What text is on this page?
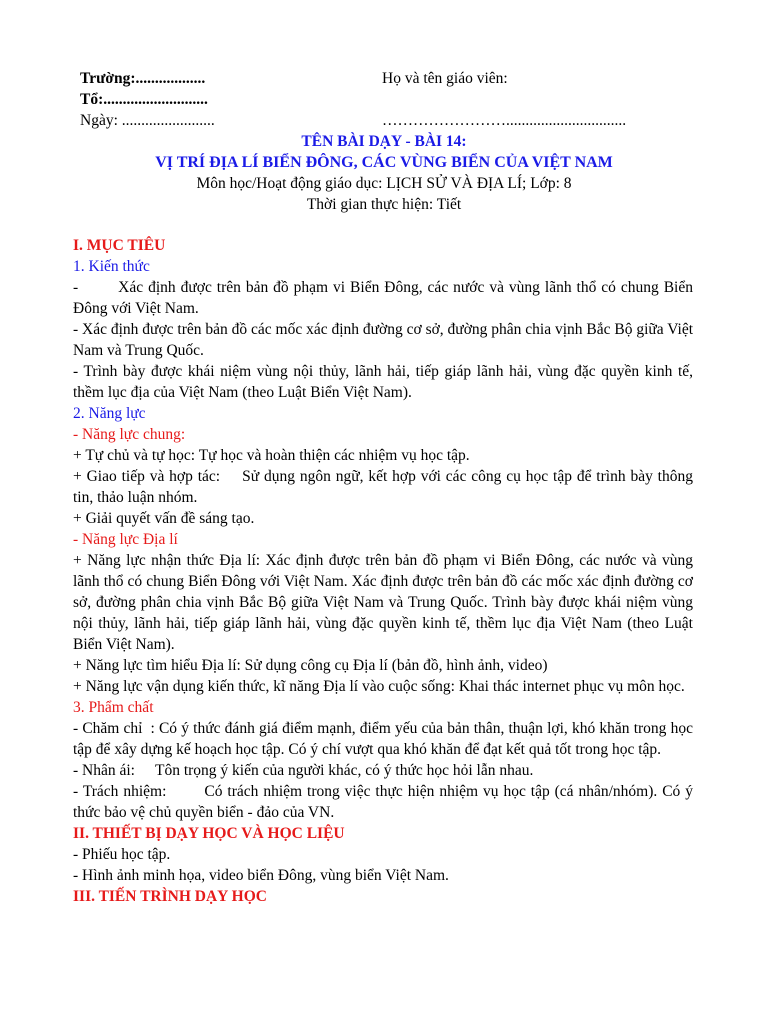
Trường:..................
Tổ:...........................
Ngày: ........................
Họ và tên giáo viên:

……………………...............................
TÊN BÀI DẠY - BÀI 14:
VỊ TRÍ ĐỊA LÍ BIỂN ĐÔNG, CÁC VÙNG BIỂN CỦA VIỆT NAM
Môn học/Hoạt động giáo dục: LỊCH SỬ VÀ ĐỊA LÍ; Lớp: 8
Thời gian thực hiện: Tiết

I. MỤC TIÊU

1. Kiến thức

-	Xác định được trên bản đồ phạm vi Biển Đông, các nước và vùng lãnh thổ có chung Biển Đông với Việt Nam.

- Xác định được trên bản đồ các mốc xác định đường cơ sở, đường phân chia vịnh Bắc Bộ giữa Việt Nam và Trung Quốc.

- Trình bày được khái niệm vùng nội thủy, lãnh hải, tiếp giáp lãnh hải, vùng đặc quyền kinh tế, thềm lục địa của Việt Nam (theo Luật Biển Việt Nam).

2. Năng lực

- Năng lực chung:

+ Tự chủ và tự học: Tự học và hoàn thiện các nhiệm vụ học tập.

+ Giao tiếp và hợp tác: Sử dụng ngôn ngữ, kết hợp với các công cụ học tập để trình bày thông tin, thảo luận nhóm.

+ Giải quyết vấn đề sáng tạo.

- Năng lực Địa lí

+ Năng lực nhận thức Địa lí: Xác định được trên bản đồ phạm vi Biển Đông, các nước và vùng lãnh thổ có chung Biển Đông với Việt Nam. Xác định được trên bản đồ các mốc xác định đường cơ sở, đường phân chia vịnh Bắc Bộ giữa Việt Nam và Trung Quốc. Trình bày được khái niệm vùng nội thủy, lãnh hải, tiếp giáp lãnh hải, vùng đặc quyền kinh tế, thềm lục địa Việt Nam (theo Luật Biển Việt Nam).

+ Năng lực tìm hiểu Địa lí: Sử dụng công cụ Địa lí (bản đồ, hình ảnh, video)

+ Năng lực vận dụng kiến thức, kĩ năng Địa lí vào cuộc sống: Khai thác internet phục vụ môn học.

3. Phẩm chất

- Chăm chỉ : Có ý thức đánh giá điểm mạnh, điểm yếu của bản thân, thuận lợi, khó khăn trong học tập để xây dựng kế hoạch học tập. Có ý chí vượt qua khó khăn để đạt kết quả tốt trong học tập.

- Nhân ái: Tôn trọng ý kiến của người khác, có ý thức học hỏi lẫn nhau.

- Trách nhiệm: Có trách nhiệm trong việc thực hiện nhiệm vụ học tập (cá nhân/nhóm). Có ý thức bảo vệ chủ quyền biển - đảo của VN.

II. THIẾT BỊ DẠY HỌC VÀ HỌC LIỆU

- Phiếu học tập.

- Hình ảnh minh họa, video biển Đông, vùng biển Việt Nam.

III. TIẾN TRÌNH DẠY HỌC
